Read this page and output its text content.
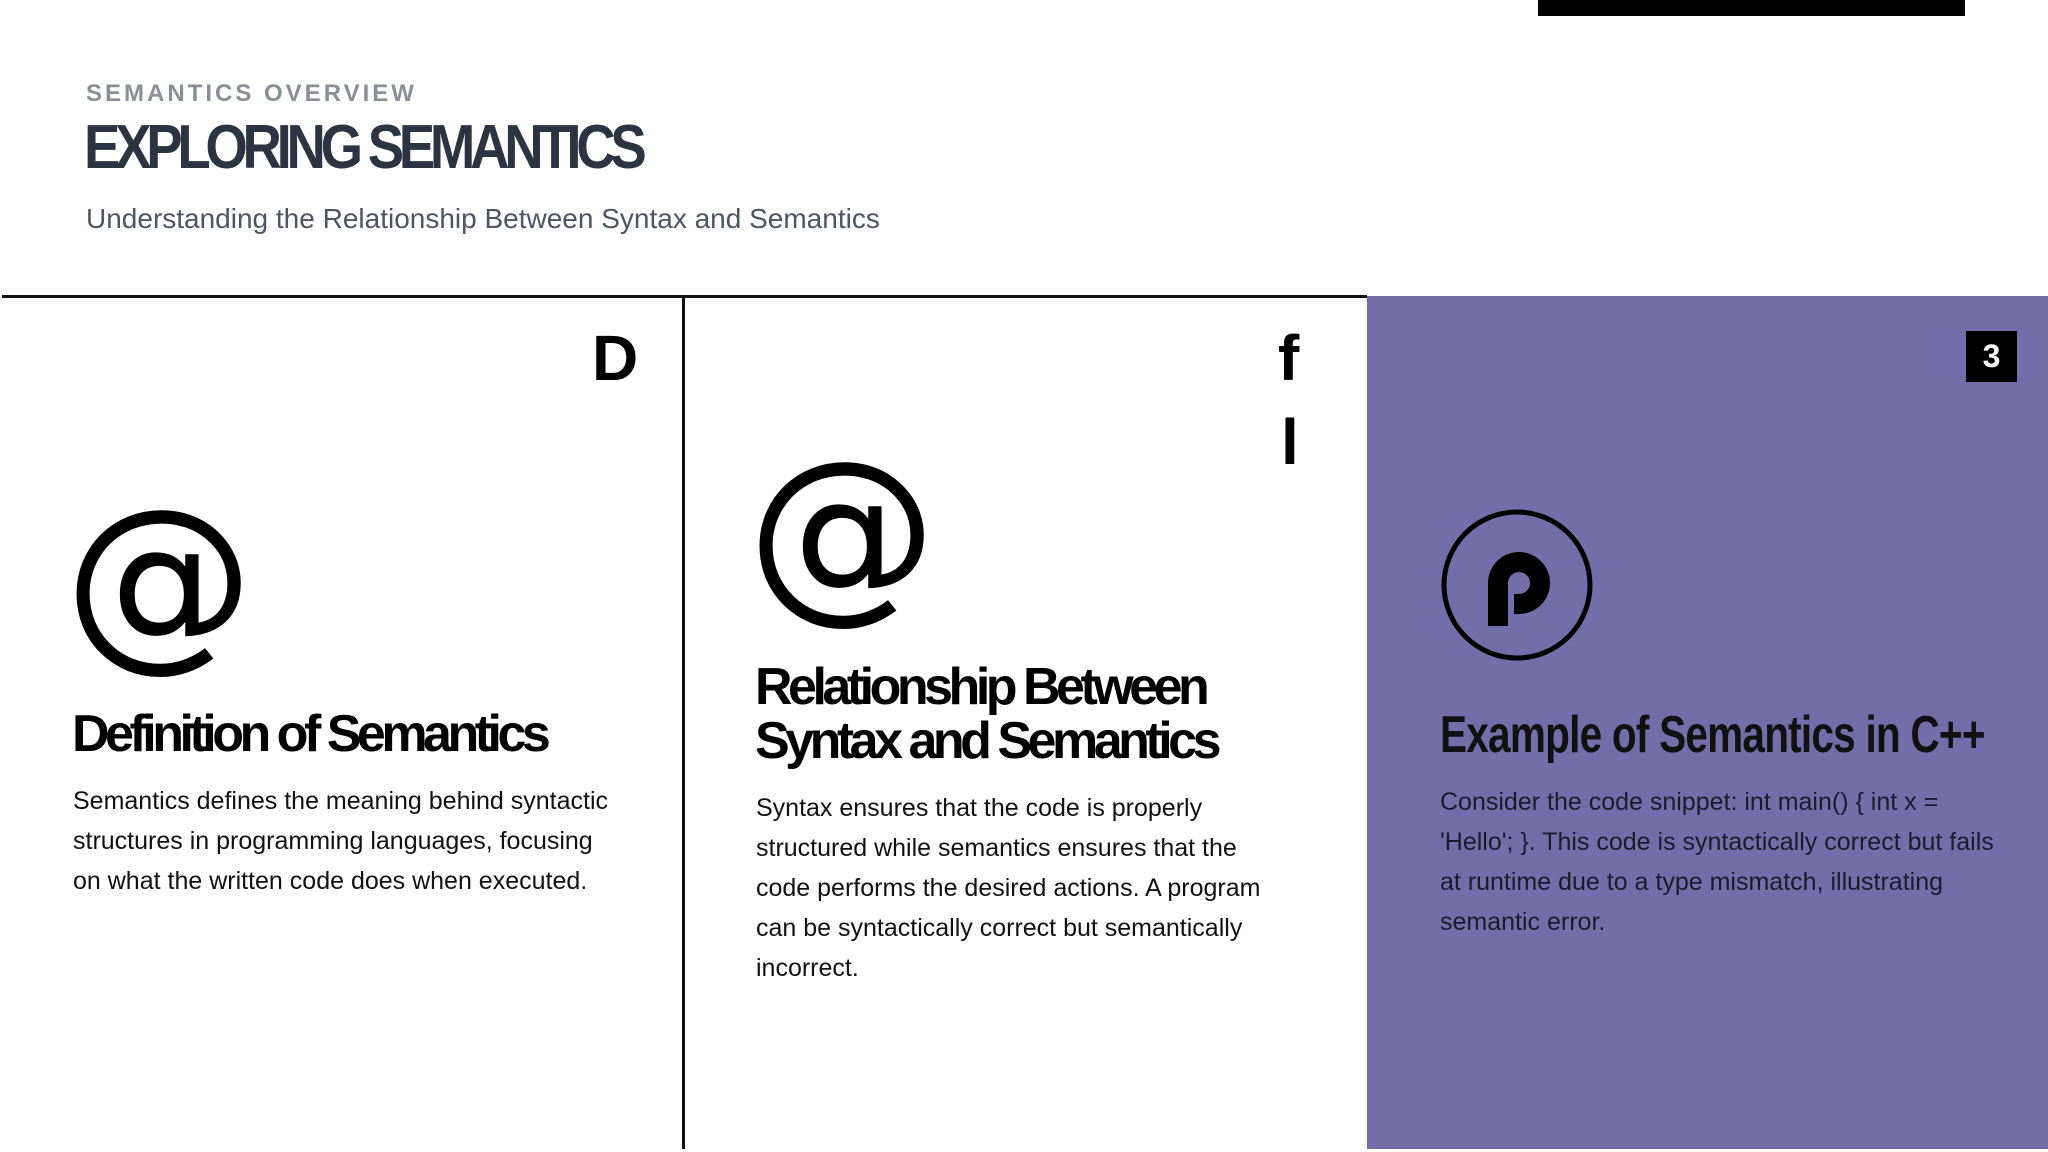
SEMANTICS OVERVIEW
EXPLORING SEMANTICS
Understanding the Relationship Between Syntax and Semantics
D
@
Definition of Semantics
Semantics defines the meaning behind syntactic structures in programming languages, focusing on what the written code does when executed.
f
l
@
Relationship Between
Syntax and Semantics
Syntax ensures that the code is properly structured while semantics ensures that the code performs the desired actions. A program can be syntactically correct but semantically incorrect.
3
Example of Semantics in C++
Consider the code snippet: int main() { int x = 'Hello'; }. This code is syntactically correct but fails at runtime due to a type mismatch, illustrating semantic error.
